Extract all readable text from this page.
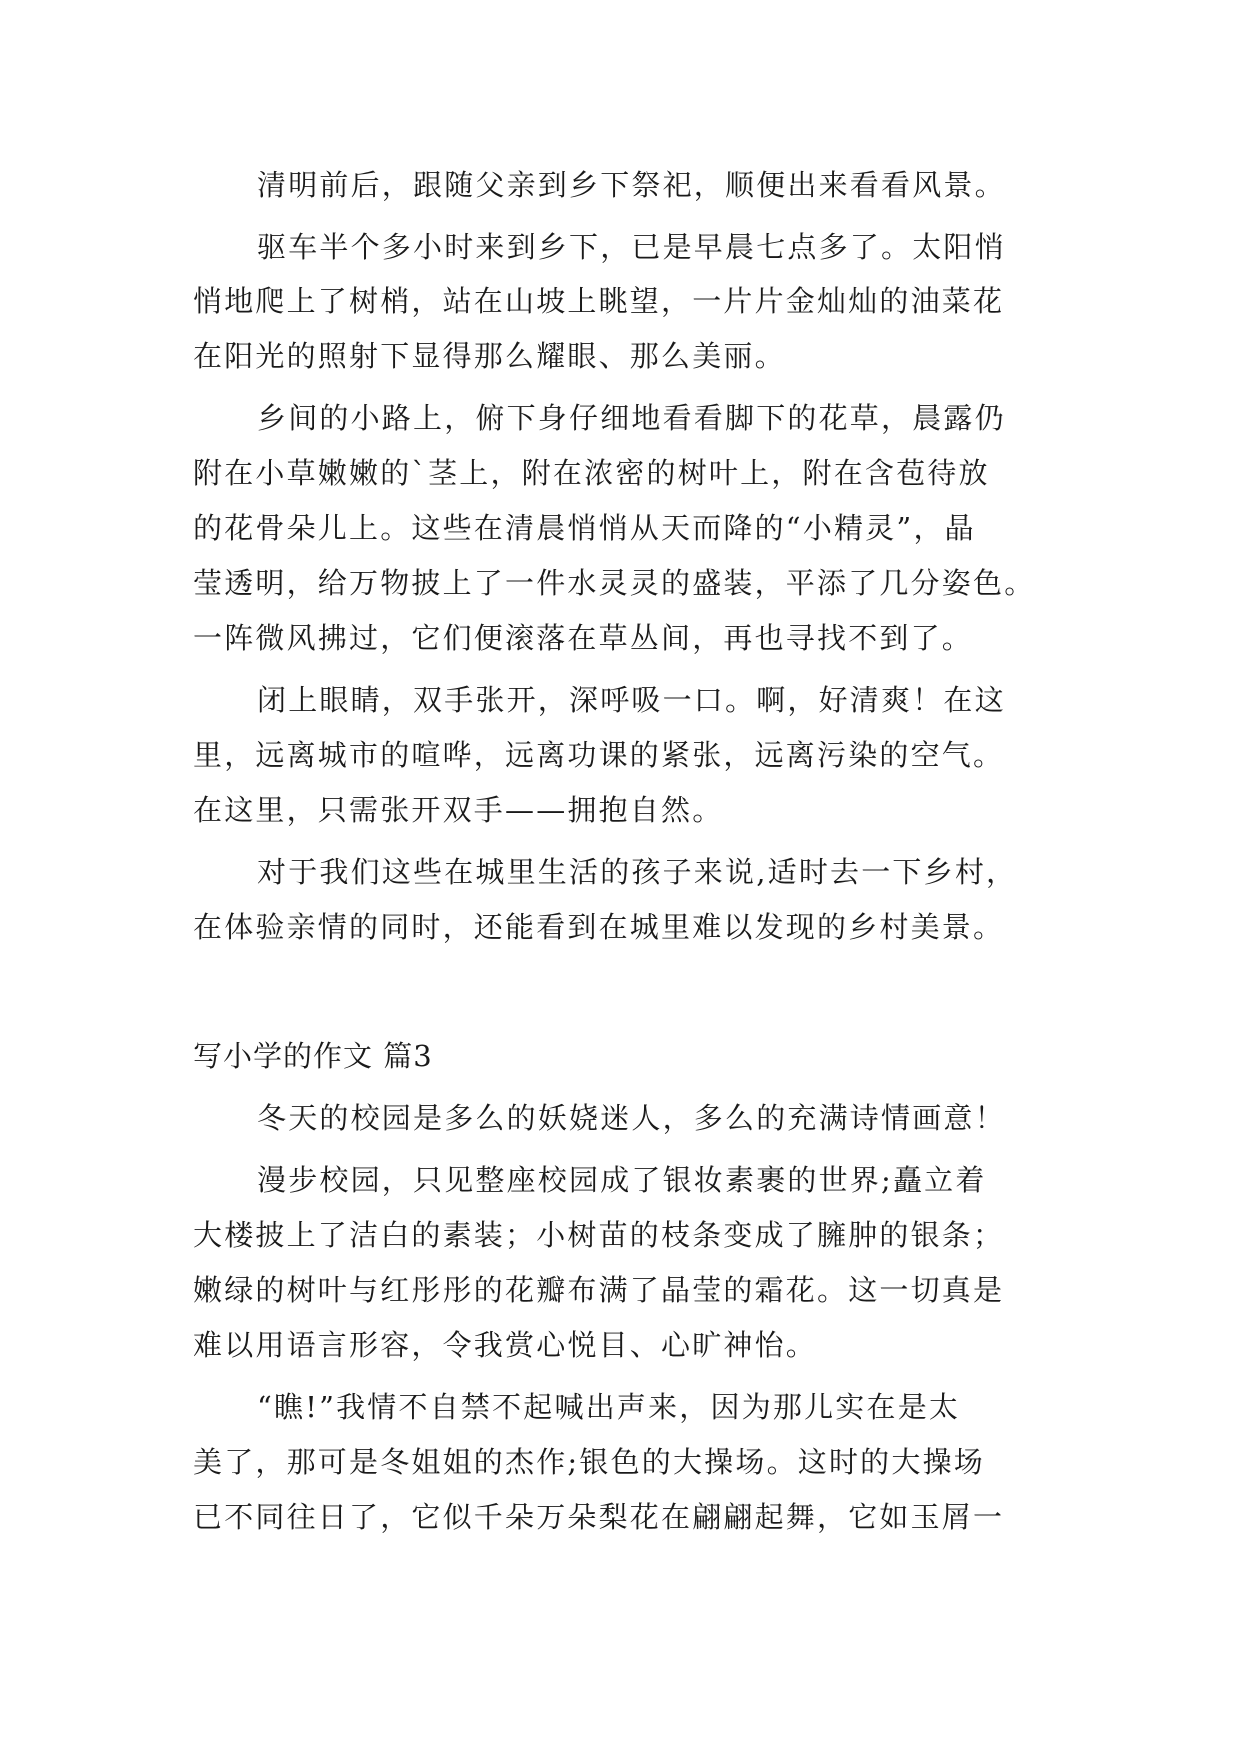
清明前后，跟随父亲到乡下祭祀，顺便出来看看风景。
驱车半个多小时来到乡下，已是早晨七点多了。太阳悄
悄地爬上了树梢，站在山坡上眺望，一片片金灿灿的油菜花
在阳光的照射下显得那么耀眼、那么美丽。
乡间的小路上，俯下身仔细地看看脚下的花草，晨露仍
附在小草嫩嫩的`茎上，附在浓密的树叶上，附在含苞待放
的花骨朵儿上。这些在清晨悄悄从天而降的“小精灵”，晶
莹透明，给万物披上了一件水灵灵的盛装，平添了几分姿色。
一阵微风拂过，它们便滚落在草丛间，再也寻找不到了。
闭上眼睛，双手张开，深呼吸一口。啊，好清爽！在这
里，远离城市的喧哗，远离功课的紧张，远离污染的空气。
在这里，只需张开双手——拥抱自然。
对于我们这些在城里生活的孩子来说,适时去一下乡村，
在体验亲情的同时，还能看到在城里难以发现的乡村美景。
写小学的作文 篇3
冬天的校园是多么的妖娆迷人，多么的充满诗情画意！
漫步校园，只见整座校园成了银妆素裹的世界;矗立着
大楼披上了洁白的素装；小树苗的枝条变成了臃肿的银条；
嫩绿的树叶与红彤彤的花瓣布满了晶莹的霜花。这一切真是
难以用语言形容，令我赏心悦目、心旷神怡。
“瞧!”我情不自禁不起喊出声来，因为那儿实在是太
美了，那可是冬姐姐的杰作;银色的大操场。这时的大操场
已不同往日了，它似千朵万朵梨花在翩翩起舞，它如玉屑一
